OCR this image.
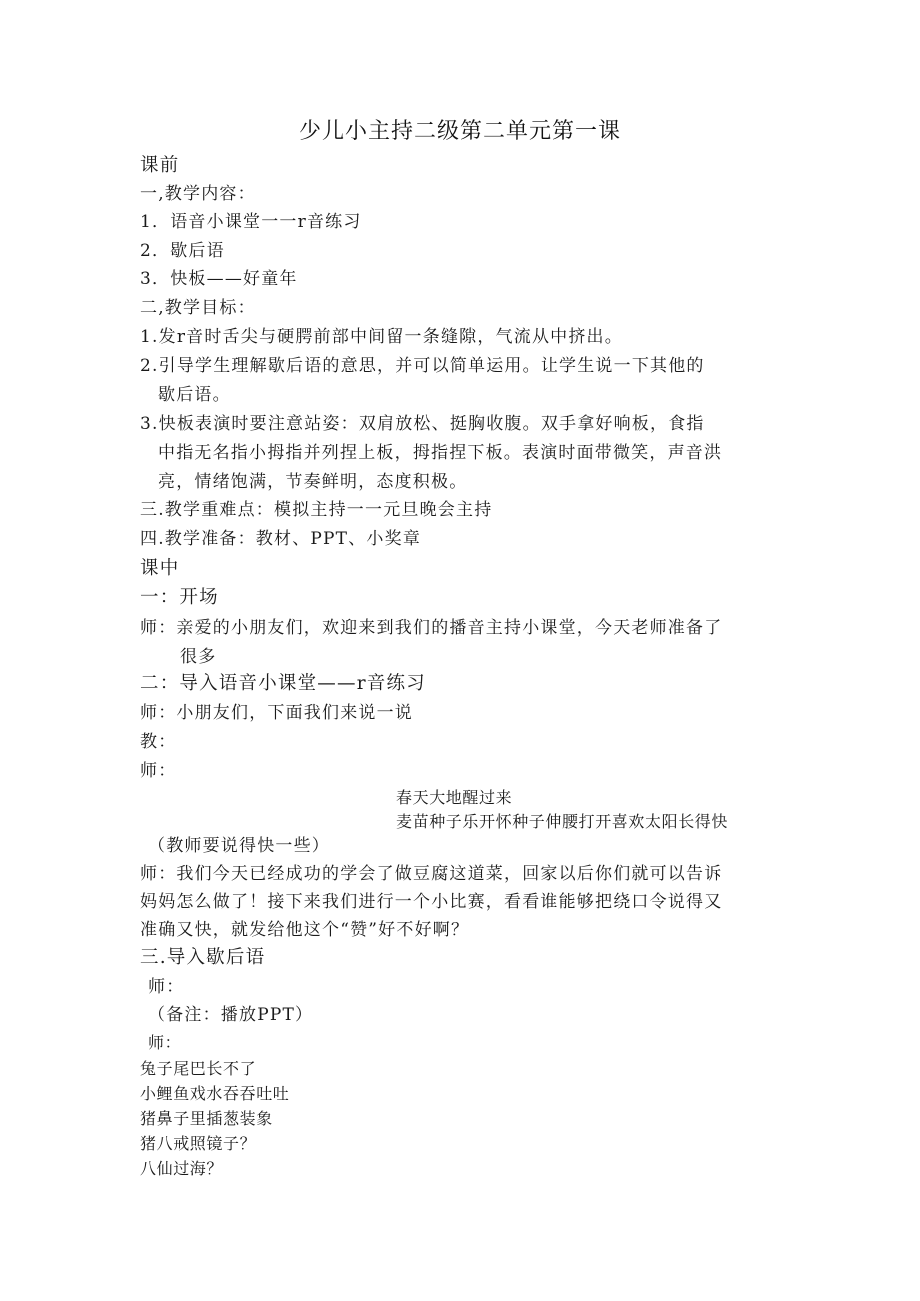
少儿小主持二级第二单元第一课
课前
一,教学内容：
1．语音小课堂一一r音练习
2．歇后语
3．快板——好童年
二,教学目标：
1.发r音时舌尖与硬腭前部中间留一条缝隙，气流从中挤出。
2.引导学生理解歇后语的意思，并可以简单运用。让学生说一下其他的
歇后语。
3.快板表演时要注意站姿：双肩放松、挺胸收腹。双手拿好响板，食指
中指无名指小拇指并列捏上板，拇指捏下板。表演时面带微笑，声音洪
亮，情绪饱满，节奏鲜明，态度积极。
三.教学重难点：模拟主持一一元旦晚会主持
四.教学准备：教材、PPT、小奖章
课中
一：开场
师：亲爱的小朋友们，欢迎来到我们的播音主持小课堂，今天老师准备了
很多
二：导入语音小课堂——r音练习
师：小朋友们，下面我们来说一说
教：
师：
春天大地醒过来
麦苗种子乐开怀种子伸腰打开喜欢太阳长得快
（教师要说得快一些）
师：我们今天已经成功的学会了做豆腐这道菜，回家以后你们就可以告诉
妈妈怎么做了！接下来我们进行一个小比赛，看看谁能够把绕口令说得又
准确又快，就发给他这个“赞”好不好啊？
三.导入歇后语
师：
（备注：播放PPT）
师：
兔子尾巴长不了
小鲤鱼戏水吞吞吐吐
猪鼻子里插葱装象
猪八戒照镜子？
八仙过海？
